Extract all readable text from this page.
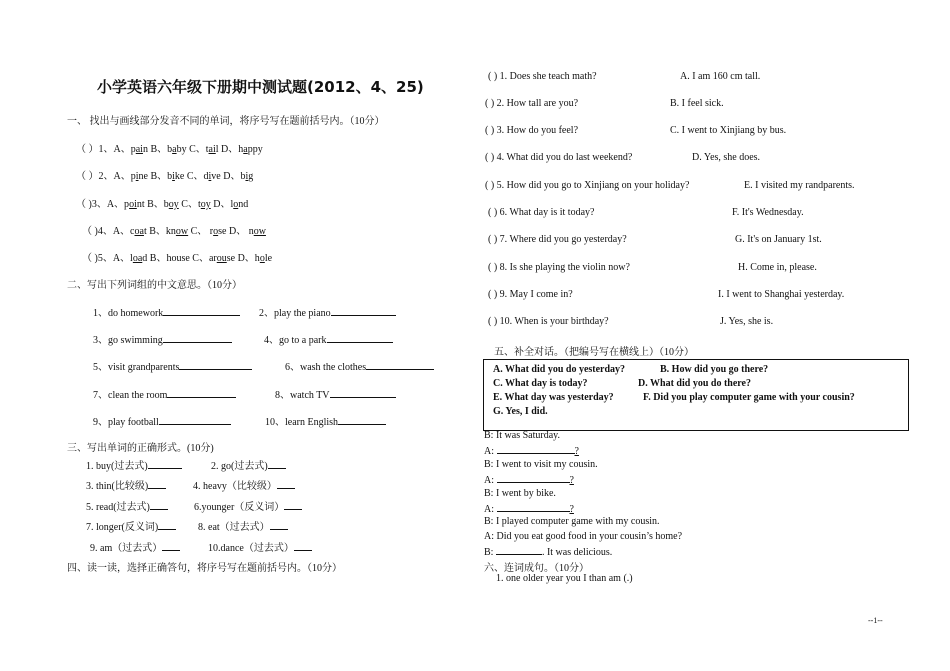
小学英语六年级下册期中测试题(2012、4、25)
一、 找出与画线部分发音不同的单词，将序号写在题前括号内。（10分）
（ ）1、A、pain B、baby C、tail D、happy
（ ）2、A、pine B、bike C、dive D、big
（ )3、A、point B、boy C、toy D、lond
（ )4、A、coat B、know C、 rose D、 now
（ )5、A、load B、house C、arouse D、hole
二、写出下列词组的中文意思。（10分）
1、do homework	2、play the piano
3、go swimming	4、go to a park
5、visit grandparents	6、wash the clothes
7、clean the room	8、watch TV
9、play football	10、learn English
三、写出单词的正确形式。(10分)
1. buy(过去式)	2. go(过去式)
3. thin(比较级)	4. heavy（比较级）
5. read(过去式)	6.younger（反义词）
7. longer(反义词)	8. eat（过去式）
9. am（过去式）	10.dance（过去式）
四、读一读，选择正确答句，将序号写在题前括号内。（10分）
( ) 1. Does she teach math?	A. I am 160 cm tall.
( ) 2. How tall are you?	B. I feel sick.
( ) 3. How do you feel?	C. I went to Xinjiang by bus.
( ) 4. What did you do last weekend?	D. Yes, she does.
( ) 5. How did you go to Xinjiang on your holiday?	E. I visited my randparents.
( ) 6. What day is it today?	F. It's Wednesday.
( ) 7. Where did you go yesterday?	G. It's on January 1st.
( ) 8. Is she playing the violin now?	H. Come in, please.
( ) 9. May I come in?	I. I went to Shanghai yesterday.
( ) 10. When is your birthday?	J. Yes, she is.
五、补全对话。（把编号写在横线上）（10分）
A. What did you do yesterday?	B. How did you go there?
C. What day is today?	D. What did you do there?
E. What day was yesterday?	F. Did you play computer game with your cousin?
G. Yes, I did.
B: It was Saturday.
A:	?
B: I went to visit my cousin.
A:	?
B: I went by bike.
A:	?
B: I played computer game with my cousin.
A: Did you eat good food in your cousin’s home?
B:	. It was delicious.
六、连词成句。（10分）
1. one older year you I than am (.)
--1--
